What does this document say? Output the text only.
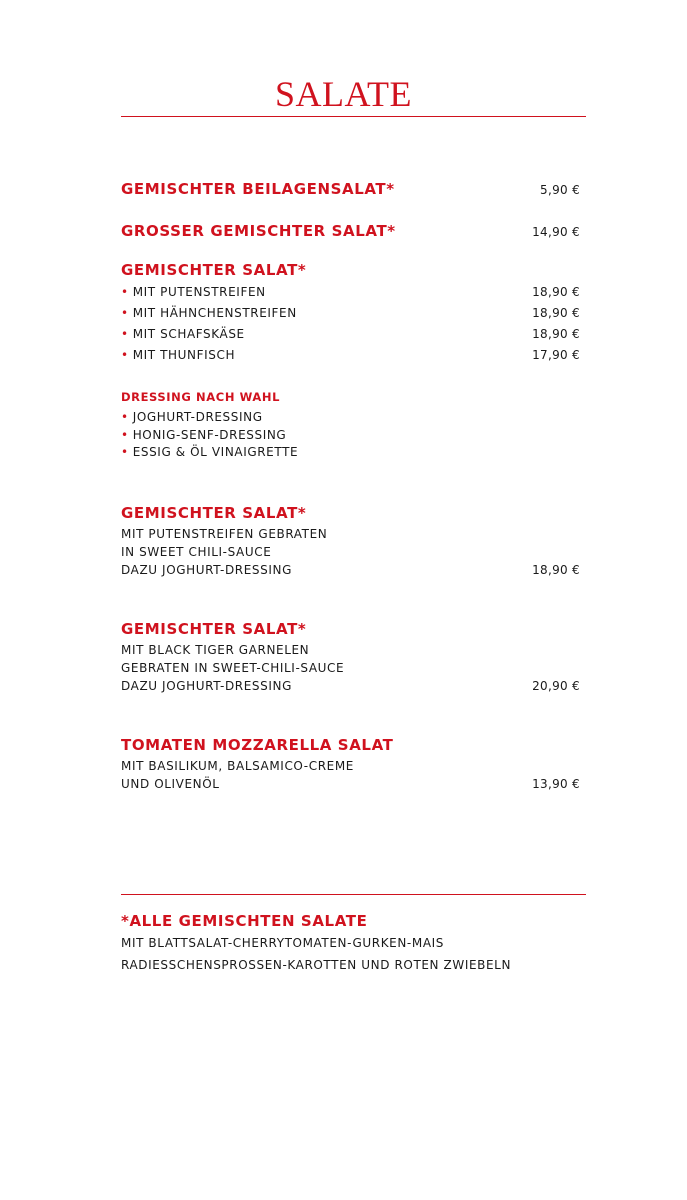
SALATE
GEMISCHTER BEILAGENSALAT*	5,90 €
GROSSER GEMISCHTER SALAT*	14,90 €
GEMISCHTER SALAT*
• MIT PUTENSTREIFEN	18,90 €
• MIT HÄHNCHENSTREIFEN	18,90 €
• MIT SCHAFSKÄSE	18,90 €
• MIT THUNFISCH	17,90 €
DRESSING NACH WAHL
• JOGHURT-DRESSING
• HONIG-SENF-DRESSING
• ESSIG & ÖL VINAIGRETTE
GEMISCHTER SALAT*
MIT PUTENSTREIFEN GEBRATEN
IN SWEET CHILI-SAUCE
DAZU JOGHURT-DRESSING	18,90 €
GEMISCHTER SALAT*
MIT BLACK TIGER GARNELEN
GEBRATEN IN SWEET-CHILI-SAUCE
DAZU JOGHURT-DRESSING	20,90 €
TOMATEN MOZZARELLA SALAT
MIT BASILIKUM, BALSAMICO-CREME
UND OLIVENÖL	13,90 €
*ALLE GEMISCHTEN SALATE
MIT BLATTSALAT-CHERRYTOMATEN-GURKEN-MAIS
RADIESSCHENSPROSSEN-KAROTTEN UND ROTEN ZWIEBELN
